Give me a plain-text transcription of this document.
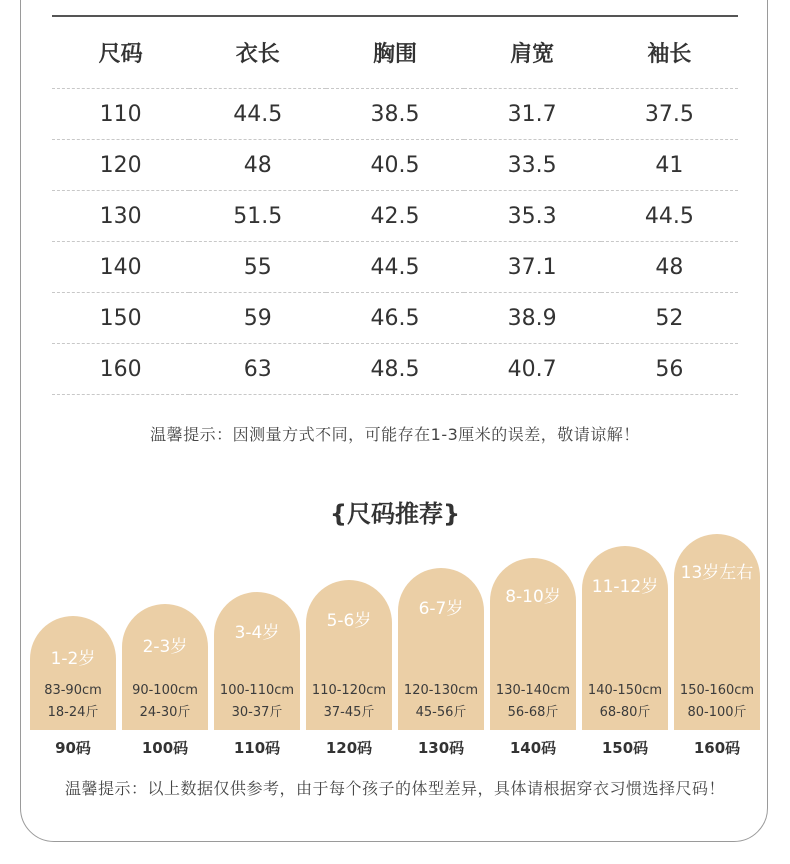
尺码	衣长	胸围	肩宽	袖长
110	44.5	38.5	31.7	37.5
120	48	40.5	33.5	41
130	51.5	42.5	35.3	44.5
140	55	44.5	37.1	48
150	59	46.5	38.9	52
160	63	48.5	40.7	56
温馨提示：因测量方式不同，可能存在1-3厘米的误差，敬请谅解！
{尺码推荐}
1-2岁
83-90cm
18-24斤
90码
2-3岁
90-100cm
24-30斤
100码
3-4岁
100-110cm
30-37斤
110码
5-6岁
110-120cm
37-45斤
120码
6-7岁
120-130cm
45-56斤
130码
8-10岁
130-140cm
56-68斤
140码
11-12岁
140-150cm
68-80斤
150码
13岁左右
150-160cm
80-100斤
160码
温馨提示：以上数据仅供参考，由于每个孩子的体型差异，具体请根据穿衣习惯选择尺码！
